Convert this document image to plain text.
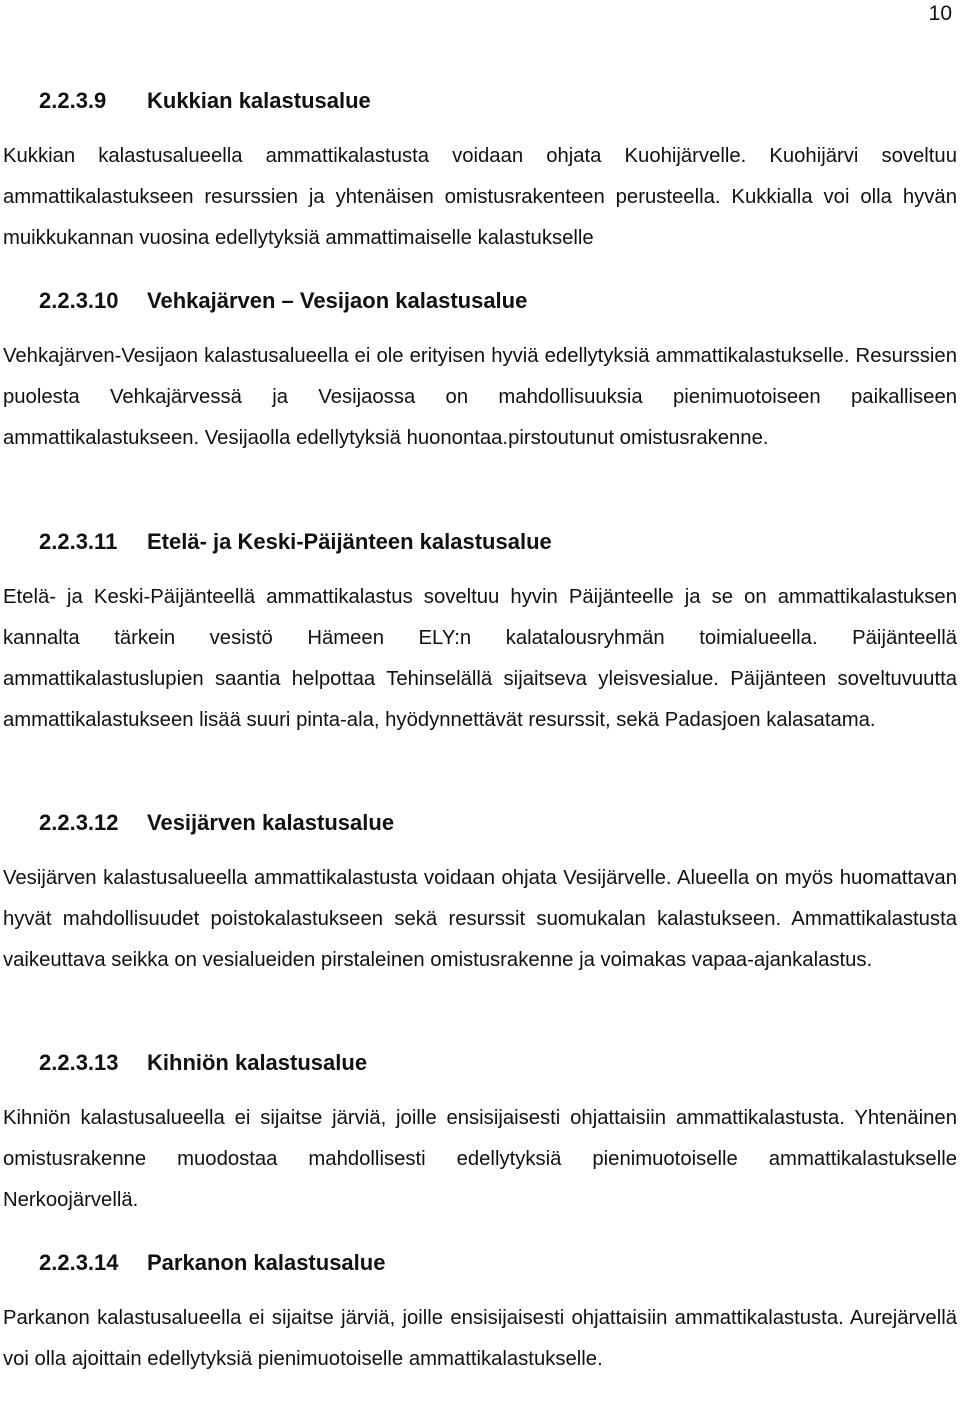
10
2.2.3.9 Kukkian kalastusalue
Kukkian kalastusalueella ammattikalastusta voidaan ohjata Kuohijärvelle. Kuohijärvi soveltuu ammattikalastukseen resurssien ja yhtenäisen omistusrakenteen perusteella. Kukkialla voi olla hyvän muikkukannan vuosina edellytyksiä ammattimaiselle kalastukselle
2.2.3.10 Vehkajärven – Vesijaon kalastusalue
Vehkajärven-Vesijaon kalastusalueella ei ole erityisen hyviä edellytyksiä ammattikalastukselle. Resurssien puolesta Vehkajärvessä ja Vesijaossa on mahdollisuuksia pienimuotoiseen paikalliseen ammattikalastukseen. Vesijaolla edellytyksiä huonontaa.pirstoutunut omistusrakenne.
2.2.3.11 Etelä- ja Keski-Päijänteen kalastusalue
Etelä- ja Keski-Päijänteellä ammattikalastus soveltuu hyvin Päijänteelle ja se on ammattikalastuksen kannalta tärkein vesistö Hämeen ELY:n kalatalousryhmän toimialueella. Päijänteellä ammattikalastuslupien saantia helpottaa Tehinselällä sijaitseva yleisvesialue. Päijänteen soveltuvuutta ammattikalastukseen lisää suuri pinta-ala, hyödynnettävät resurssit, sekä Padasjoen kalasatama.
2.2.3.12 Vesijärven kalastusalue
Vesijärven kalastusalueella ammattikalastusta voidaan ohjata Vesijärvelle. Alueella on myös huomattavan hyvät mahdollisuudet poistokalastukseen sekä resurssit suomukalan kalastukseen. Ammattikalastusta vaikeuttava seikka on vesialueiden pirstaleinen omistusrakenne ja voimakas vapaa-ajankalastus.
2.2.3.13 Kihniön kalastusalue
Kihniön kalastusalueella ei sijaitse järviä, joille ensisijaisesti ohjattaisiin ammattikalastusta. Yhtenäinen omistusrakenne muodostaa mahdollisesti edellytyksiä pienimuotoiselle ammattikalastukselle Nerkoojärvellä.
2.2.3.14 Parkanon kalastusalue
Parkanon kalastusalueella ei sijaitse järviä, joille ensisijaisesti ohjattaisiin ammattikalastusta. Aurejärvellä voi olla ajoittain edellytyksiä pienimuotoiselle ammattikalastukselle.
